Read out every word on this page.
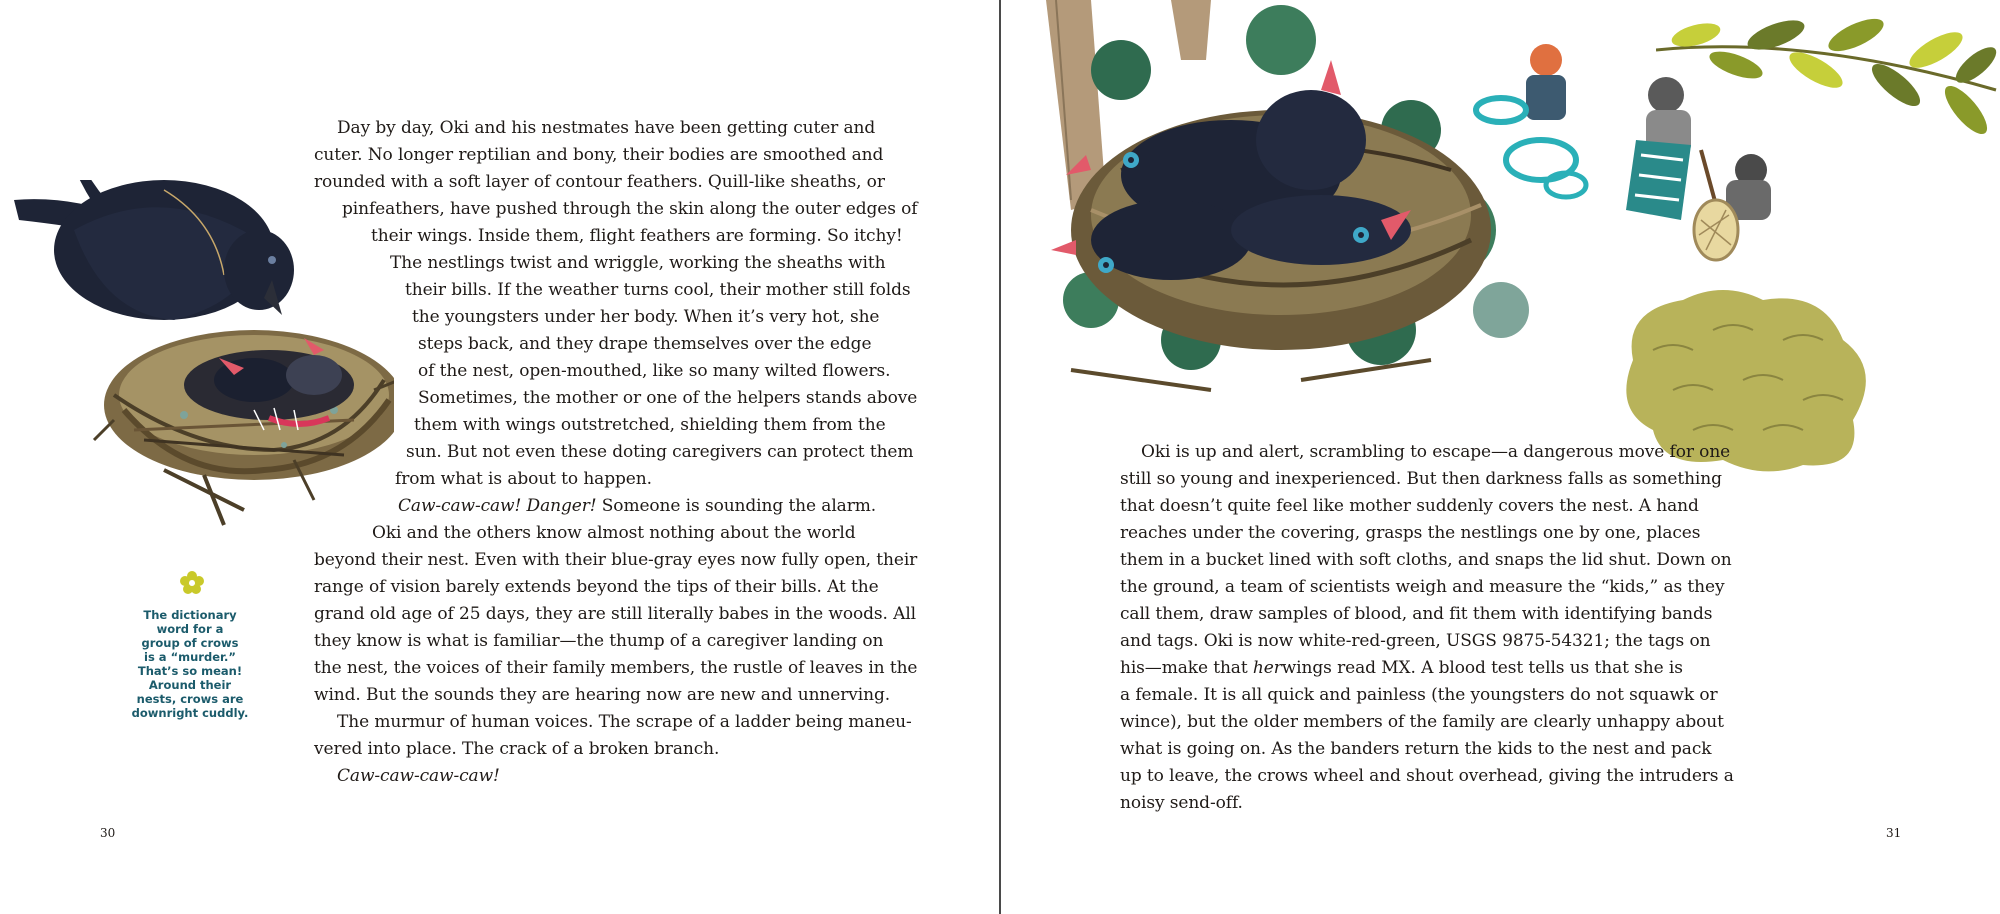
Day by day, Oki and his nestmates have been getting cuter and
cuter. No longer reptilian and bony, their bodies are smoothed and
rounded with a soft layer of contour feathers. Quill-like sheaths, or
pinfeathers, have pushed through the skin along the outer edges of
their wings. Inside them, flight feathers are forming. So itchy!
The nestlings twist and wriggle, working the sheaths with
their bills. If the weather turns cool, their mother still folds
the youngsters under her body. When it’s very hot, she
steps back, and they drape themselves over the edge
of the nest, open-mouthed, like so many wilted flowers.
Sometimes, the mother or one of the helpers stands above
them with wings outstretched, shielding them from the
sun. But not even these doting caregivers can protect them
from what is about to happen.
Caw-caw-caw! Danger! Someone is sounding the alarm.
Oki and the others know almost nothing about the world
beyond their nest. Even with their blue-gray eyes now fully open, their
range of vision barely extends beyond the tips of their bills. At the
grand old age of 25 days, they are still literally babes in the woods. All
they know is what is familiar—the thump of a caregiver landing on
the nest, the voices of their family members, the rustle of leaves in the
wind. But the sounds they are hearing now are new and unnerving.
The murmur of human voices. The scrape of a ladder being maneu-
vered into place. The crack of a broken branch.
Caw-caw-caw-caw!
The dictionary
word for a
group of crows
is a “murder.”
That’s so mean!
Around their
nests, crows are
downright cuddly.
30
Oki is up and alert, scrambling to escape—a dangerous move for one
still so young and inexperienced. But then darkness falls as something
that doesn’t quite feel like mother suddenly covers the nest. A hand
reaches under the covering, grasps the nestlings one by one, places
them in a bucket lined with soft cloths, and snaps the lid shut. Down on
the ground, a team of scientists weigh and measure the “kids,” as they
call them, draw samples of blood, and fit them with identifying bands
and tags. Oki is now white-red-green, USGS 9875-54321; the tags on
his—make that herwings read MX. A blood test tells us that she is
a female. It is all quick and painless (the youngsters do not squawk or
wince), but the older members of the family are clearly unhappy about
what is going on. As the banders return the kids to the nest and pack
up to leave, the crows wheel and shout overhead, giving the intruders a
noisy send-off.
31
